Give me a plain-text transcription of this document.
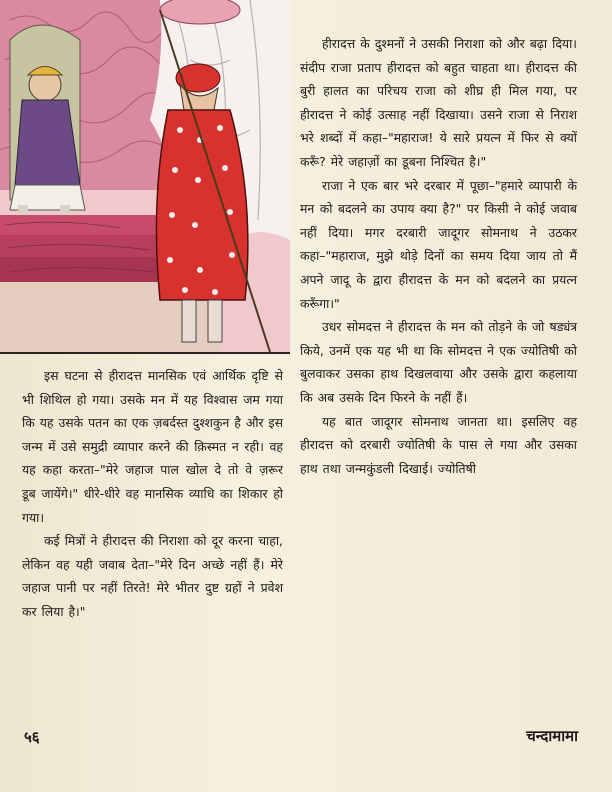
हीरादत्त के दुश्मनों ने उसकी निराशा को और बढ़ा दिया। संदीप राजा प्रताप हीरादत्त को बहुत चाहता था। हीरादत्त की बुरी हालत का परिचय राजा को शीघ्र ही मिल गया, पर हीरादत्त ने कोई उत्साह नहीं दिखाया। उसने राजा से निराश भरे शब्दों में कहा–"महाराज! ये सारे प्रयत्न में फिर से क्यों करूँ? मेरे जहाज़ों का डूबना निश्चित है।"

राजा ने एक बार भरे दरबार में पूछा–"हमारे व्यापारी के मन को बदलने का उपाय क्या है?" पर किसी ने कोई जवाब नहीं दिया। मगर दरबारी जादूगर सोमनाथ ने उठकर कहा–"महाराज, मुझे थोड़े दिनों का समय दिया जाय तो मैं अपने जादू के द्वारा हीरादत्त के मन को बदलने का प्रयत्न करूँगा।"

उधर सोमदत्त ने हीरादत्त के मन को तोड़ने के जो षड्यंत्र किये, उनमें एक यह भी था कि सोमदत्त ने एक ज्योतिषी को बुलवाकर उसका हाथ दिखलवाया और उसके द्वारा कहलाया कि अब उसके दिन फिरने के नहीं हैं।

यह बात जादूगर सोमनाथ जानता था। इसलिए वह हीरादत्त को दरबारी ज्योतिषी के पास ले गया और उसका हाथ तथा जन्मकुंडली दिखाई। ज्योतिषी

इस घटना से हीरादत्त मानसिक एवं आर्थिक दृष्टि से भी शिथिल हो गया। उसके मन में यह विश्वास जम गया कि यह उसके पतन का एक ज़बर्दस्त दुश्शकुन है और इस जन्म में उसे समुद्री व्यापार करने की क़िस्मत न रही। वह यह कहा करता–"मेरे जहाज पाल खोल दे तो वे ज़रूर डूब जायेंगे।" धीरे-धीरे वह मानसिक व्याधि का शिकार हो गया।

कई मित्रों ने हीरादत्त की निराशा को दूर करना चाहा, लेकिन वह यही जवाब देता–"मेरे दिन अच्छे नहीं हैं। मेरे जहाज पानी पर नहीं तिरते! मेरे भीतर दुष्ट ग्रहों ने प्रवेश कर लिया है।"

५६	चन्दामामा
